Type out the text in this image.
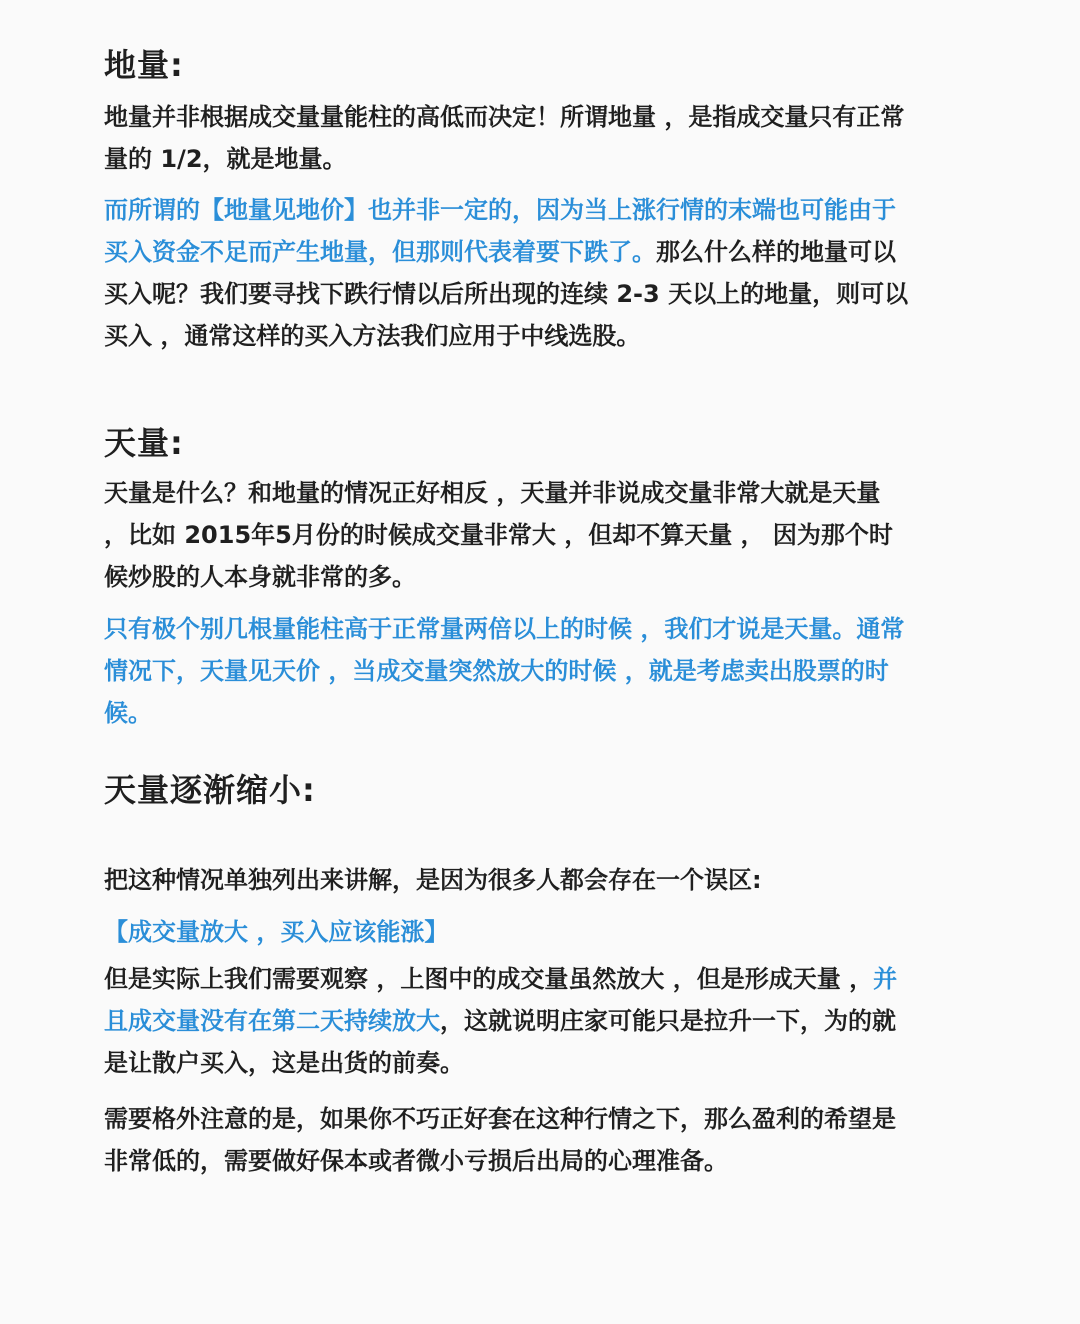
地量:
地量并非根据成交量量能柱的高低而决定！所谓地量 ，是指成交量只有正常
量的 1/2，就是地量。
而所谓的【地量见地价】也并非一定的，因为当上涨行情的末端也可能由于
买入资金不足而产生地量，但那则代表着要下跌了。那么什么样的地量可以
买入呢？我们要寻找下跌行情以后所出现的连续 2-3 天以上的地量，则可以
买入 ，通常这样的买入方法我们应用于中线选股。
天量:
天量是什么？和地量的情况正好相反 ，天量并非说成交量非常大就是天量
，比如 2015年5月份的时候成交量非常大 ，但却不算天量 ， 因为那个时
候炒股的人本身就非常的多。
只有极个别几根量能柱高于正常量两倍以上的时候 ，我们才说是天量。通常
情况下，天量见天价 ，当成交量突然放大的时候 ，就是考虑卖出股票的时
候。
天量逐渐缩小:
把这种情况单独列出来讲解，是因为很多人都会存在一个误区:
【成交量放大 ，买入应该能涨】
但是实际上我们需要观察 ，上图中的成交量虽然放大 ，但是形成天量 ，并
且成交量没有在第二天持续放大，这就说明庄家可能只是拉升一下，为的就
是让散户买入，这是出货的前奏。
需要格外注意的是，如果你不巧正好套在这种行情之下，那么盈利的希望是
非常低的，需要做好保本或者微小亏损后出局的心理准备。
